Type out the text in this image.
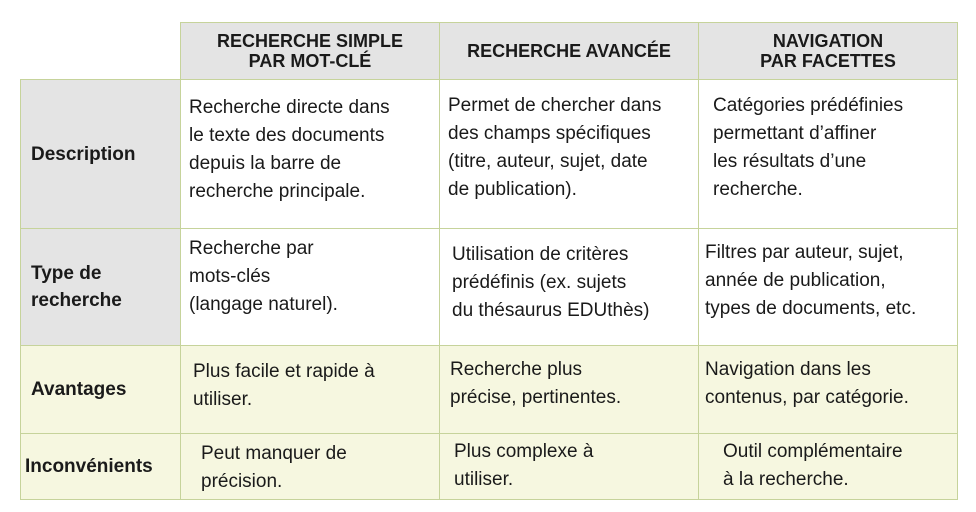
RECHERCHE SIMPLE
PAR MOT-CLÉ	RECHERCHE AVANCÉE	NAVIGATION
PAR FACETTES
Description
Recherche directe dans
le texte des documents
depuis la barre de
recherche principale.
Permet de chercher dans
des champs spécifiques
(titre, auteur, sujet, date
de publication).
Catégories prédéfinies
permettant d’affiner
les résultats d’une
recherche.
Type de
recherche
Recherche par
mots-clés
(langage naturel).
Utilisation de critères
prédéfinis (ex. sujets
du thésaurus EDUthès)
Filtres par auteur, sujet,
année de publication,
types de documents, etc.
Avantages
Plus facile et rapide à
utiliser.
Recherche plus
précise, pertinentes.
Navigation dans les
contenus, par catégorie.
Inconvénients
Peut manquer de
précision.
Plus complexe à
utiliser.
Outil complémentaire
à la recherche.
